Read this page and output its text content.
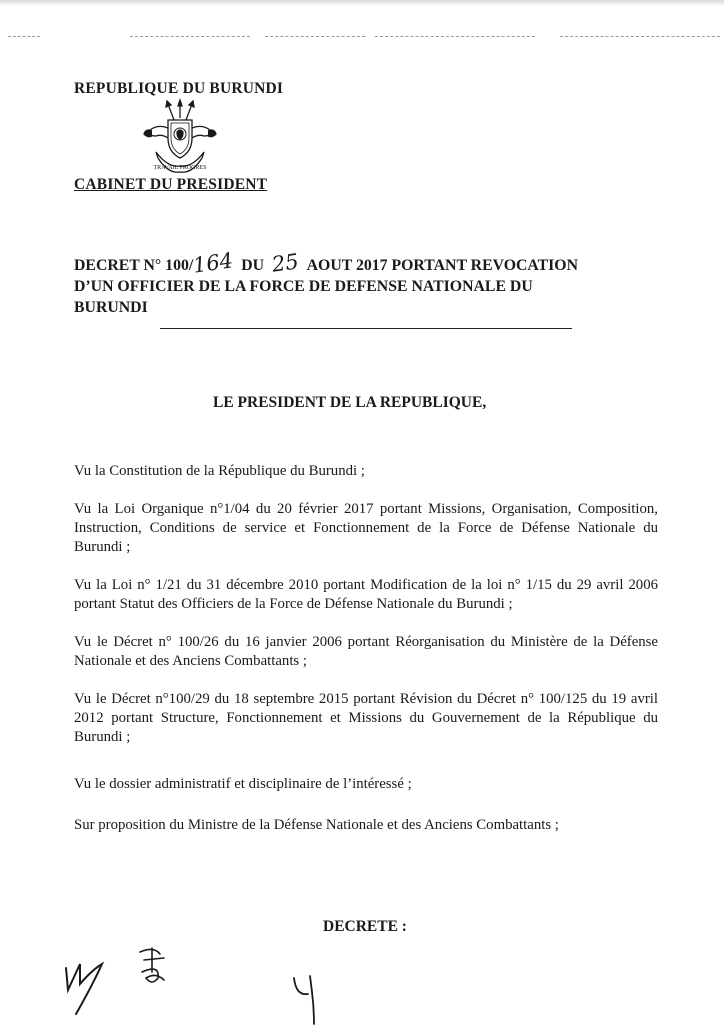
REPUBLIQUE DU BURUNDI
TRAVAIL PROGRES
CABINET DU PRESIDENT
DECRET N° 100/164 DU 25 AOUT 2017 PORTANT REVOCATION
D’UN OFFICIER DE LA FORCE DE DEFENSE NATIONALE DU
BURUNDI
LE PRESIDENT DE LA REPUBLIQUE,
Vu la Constitution de la République du Burundi ;
Vu la Loi Organique n°1/04 du 20 février 2017 portant Missions, Organisation, Composition, Instruction, Conditions de service et Fonctionnement de la Force de Défense Nationale du Burundi ;
Vu la Loi n° 1/21 du 31 décembre 2010 portant Modification de la loi n° 1/15 du 29 avril 2006 portant Statut des Officiers de la Force de Défense Nationale du Burundi ;
Vu le Décret n° 100/26 du 16 janvier 2006 portant Réorganisation du Ministère de la Défense Nationale et des Anciens Combattants ;
Vu le Décret n°100/29 du 18 septembre 2015 portant Révision du Décret n° 100/125 du 19 avril 2012 portant Structure, Fonctionnement et Missions du Gouvernement de la République du Burundi ;
Vu le dossier administratif et disciplinaire de l’intéressé ;
Sur proposition du Ministre de la Défense Nationale et des Anciens Combattants ;
DECRETE :
